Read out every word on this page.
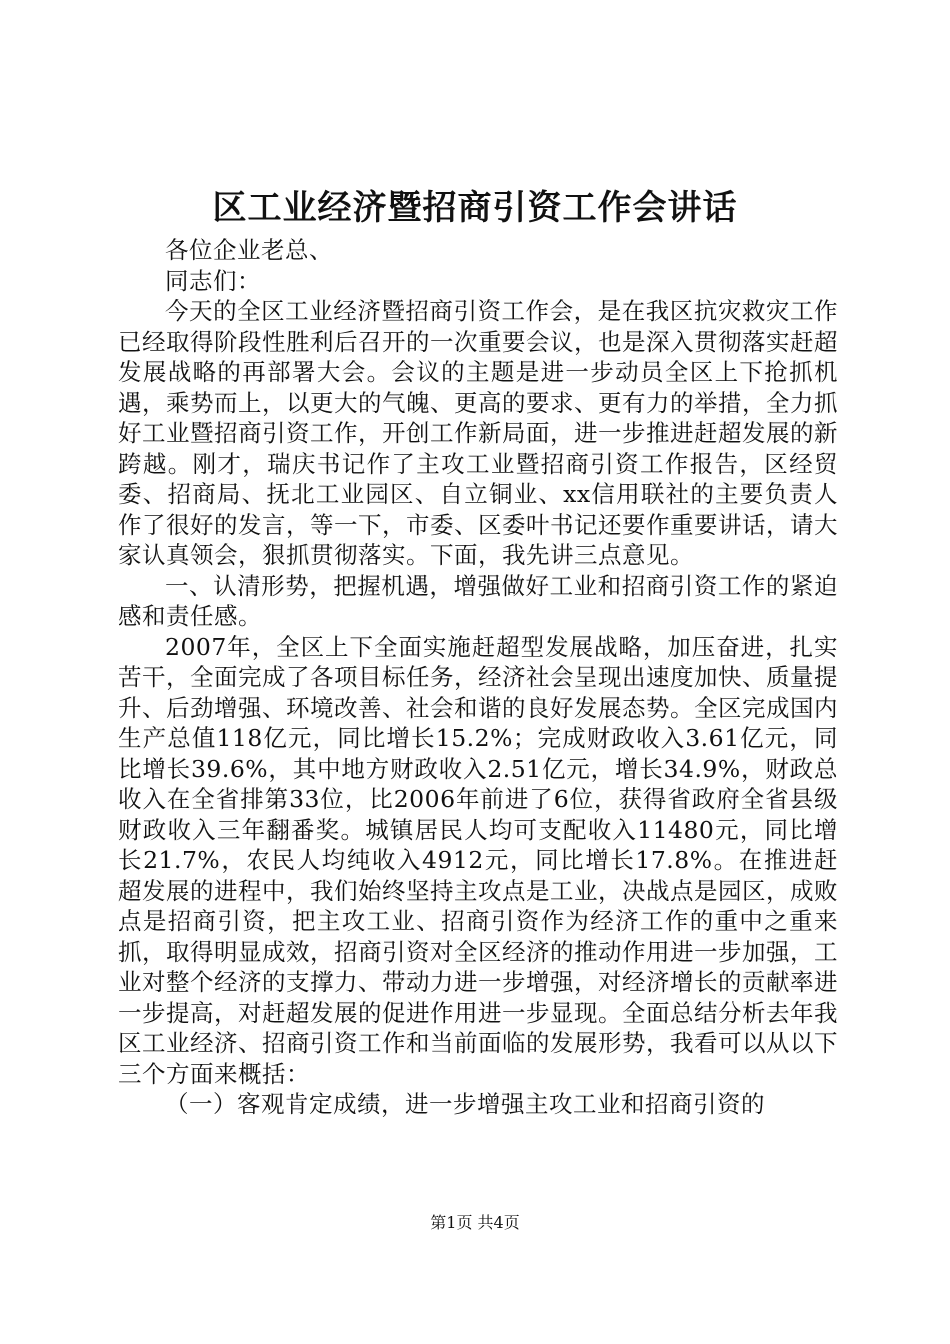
区工业经济暨招商引资工作会讲话

各位企业老总、

同志们：

今天的全区工业经济暨招商引资工作会，是在我区抗灾救灾工作已经取得阶段性胜利后召开的一次重要会议，也是深入贯彻落实赶超发展战略的再部署大会。会议的主题是进一步动员全区上下抢抓机遇，乘势而上，以更大的气魄、更高的要求、更有力的举措，全力抓好工业暨招商引资工作，开创工作新局面，进一步推进赶超发展的新跨越。刚才，瑞庆书记作了主攻工业暨招商引资工作报告，区经贸委、招商局、抚北工业园区、自立铜业、xx信用联社的主要负责人作了很好的发言，等一下，市委、区委叶书记还要作重要讲话，请大家认真领会，狠抓贯彻落实。下面，我先讲三点意见。

一、认清形势，把握机遇，增强做好工业和招商引资工作的紧迫感和责任感。

2007年，全区上下全面实施赶超型发展战略，加压奋进，扎实苦干，全面完成了各项目标任务，经济社会呈现出速度加快、质量提升、后劲增强、环境改善、社会和谐的良好发展态势。全区完成国内生产总值118亿元，同比增长15.2%；完成财政收入3.61亿元，同比增长39.6%，其中地方财政收入2.51亿元，增长34.9%，财政总收入在全省排第33位，比2006年前进了6位，获得省政府全省县级财政收入三年翻番奖。城镇居民人均可支配收入11480元，同比增长21.7%，农民人均纯收入4912元，同比增长17.8%。在推进赶超发展的进程中，我们始终坚持主攻点是工业，决战点是园区，成败点是招商引资，把主攻工业、招商引资作为经济工作的重中之重来抓，取得明显成效，招商引资对全区经济的推动作用进一步加强，工业对整个经济的支撑力、带动力进一步增强，对经济增长的贡献率进一步提高，对赶超发展的促进作用进一步显现。全面总结分析去年我区工业经济、招商引资工作和当前面临的发展形势，我看可以从以下三个方面来概括：

（一）客观肯定成绩，进一步增强主攻工业和招商引资的

第1页 共4页
